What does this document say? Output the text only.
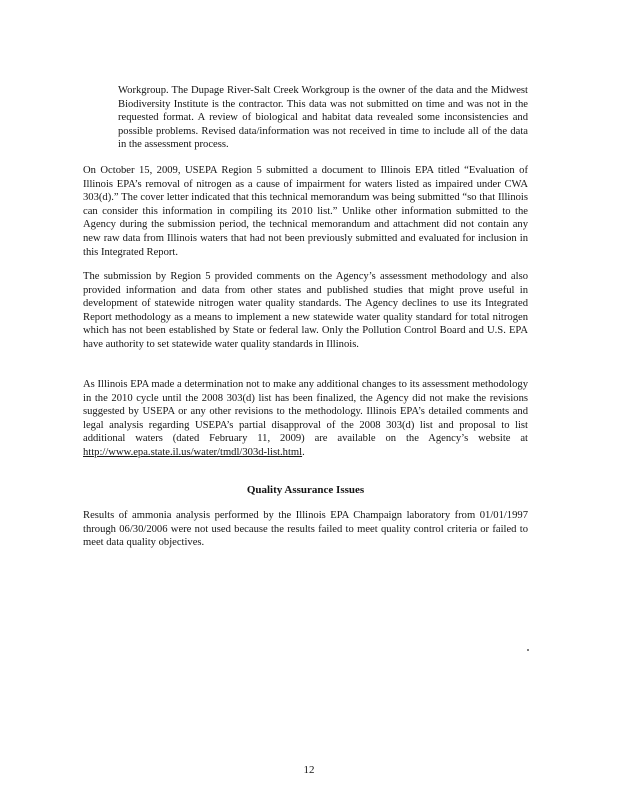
Workgroup. The Dupage River-Salt Creek Workgroup is the owner of the data and the Midwest Biodiversity Institute is the contractor. This data was not submitted on time and was not in the requested format. A review of biological and habitat data revealed some inconsistencies and possible problems. Revised data/information was not received in time to include all of the data in the assessment process.

On October 15, 2009, USEPA Region 5 submitted a document to Illinois EPA titled “Evaluation of Illinois EPA’s removal of nitrogen as a cause of impairment for waters listed as impaired under CWA 303(d).” The cover letter indicated that this technical memorandum was being submitted “so that Illinois can consider this information in compiling its 2010 list.” Unlike other information submitted to the Agency during the submission period, the technical memorandum and attachment did not contain any new raw data from Illinois waters that had not been previously submitted and evaluated for inclusion in this Integrated Report.

The submission by Region 5 provided comments on the Agency’s assessment methodology and also provided information and data from other states and published studies that might prove useful in development of statewide nitrogen water quality standards. The Agency declines to use its Integrated Report methodology as a means to implement a new statewide water quality standard for total nitrogen which has not been established by State or federal law. Only the Pollution Control Board and U.S. EPA have authority to set statewide water quality standards in Illinois.

As Illinois EPA made a determination not to make any additional changes to its assessment methodology in the 2010 cycle until the 2008 303(d) list has been finalized, the Agency did not make the revisions suggested by USEPA or any other revisions to the methodology. Illinois EPA’s detailed comments and legal analysis regarding USEPA’s partial disapproval of the 2008 303(d) list and proposal to list additional waters (dated February 11, 2009) are available on the Agency’s website at http://www.epa.state.il.us/water/tmdl/303d-list.html.

Quality Assurance Issues

Results of ammonia analysis performed by the Illinois EPA Champaign laboratory from 01/01/1997 through 06/30/2006 were not used because the results failed to meet quality control criteria or failed to meet data quality objectives.

12
